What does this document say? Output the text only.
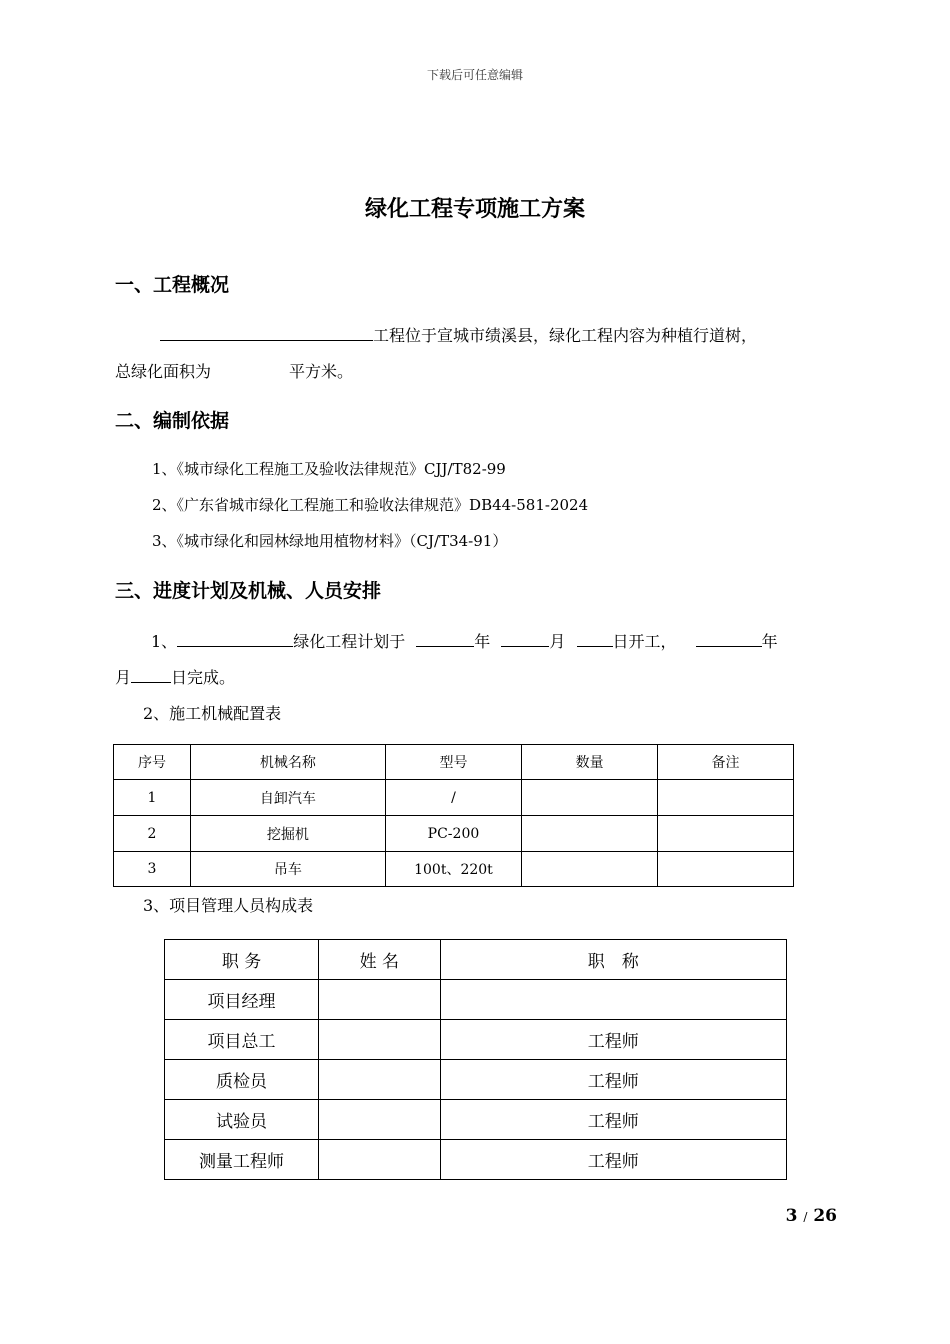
下载后可任意编辑
绿化工程专项施工方案
一、工程概况
工程位于宣城市绩溪县，绿化工程内容为种植行道树，
总绿化面积为	平方米。
二、编制依据
1、《城市绿化工程施工及验收法律规范》CJJ/T82-99
2、《广东省城市绿化工程施工和验收法律规范》DB44-581-2024
3、《城市绿化和园林绿地用植物材料》（CJ/T34-91）
三、进度计划及机械、人员安排
1、	绿化工程计划于	年	月	日开工，	年
月	日完成。
2、施工机械配置表
序号	机械名称	型号	数量	备注
1	自卸汽车	/		
2	挖掘机	PC-200		
3	吊车	100t、220t		
3、项目管理人员构成表
职 务	姓 名	职　称
项目经理		
项目总工		工程师
质检员		工程师
试验员		工程师
测量工程师		工程师
3 / 26
